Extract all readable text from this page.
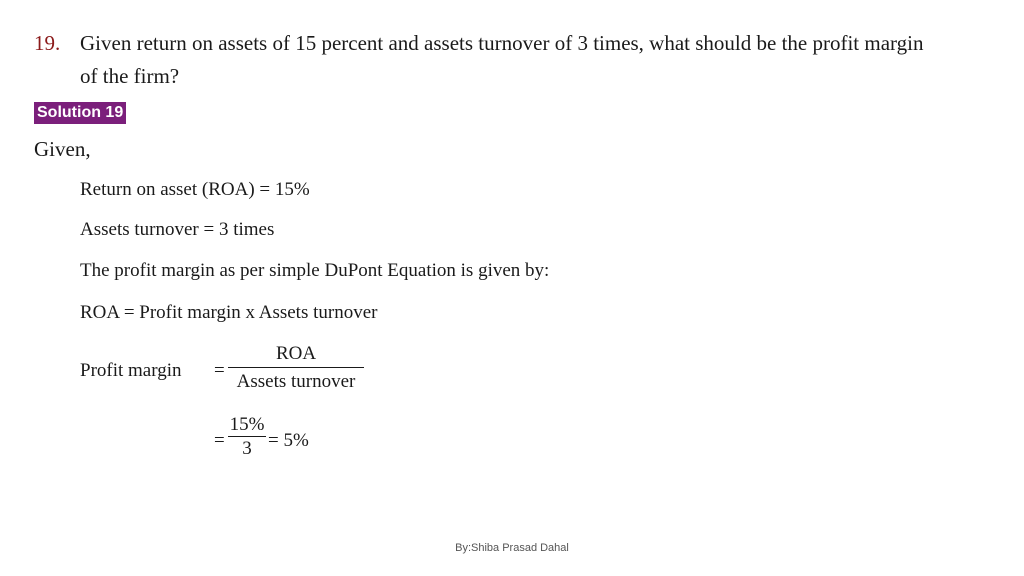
19. Given return on assets of 15 percent and assets turnover of 3 times, what should be the profit margin
of the firm?
Solution 19
Given,
Return on asset (ROA) = 15%
Assets turnover = 3 times
The profit margin as per simple DuPont Equation is given by:
ROA = Profit margin x Assets turnover
Profit margin =
ROA
Assets turnover
=
15%
3 = 5%
By:Shiba Prasad Dahal
